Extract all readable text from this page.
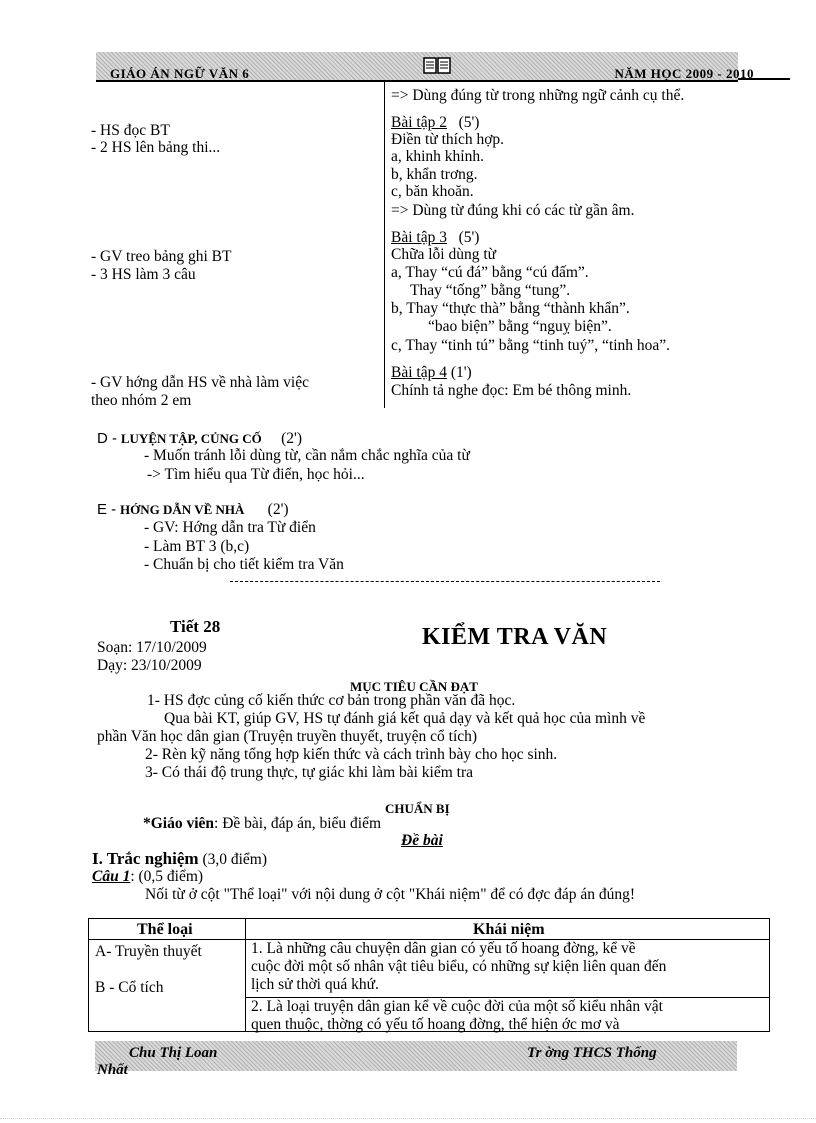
GIÁO ÁN NGỮ VĂN 6	NĂM HỌC 2009 - 2010
=> Dùng đúng từ trong những ngữ cảnh cụ thể.
- HS đọc BT
- 2 HS lên bảng thi...
Bài tập 2 (5')
Điền từ thích hợp.
a, khinh khỉnh.
b, khẩn trơng.
c, băn khoăn.
=> Dùng từ đúng khi có các từ gần âm.
- GV treo bảng ghi BT
- 3 HS làm 3 câu
Bài tập 3 (5')
Chữa lỗi dùng từ
a, Thay “cú đá” bằng “cú đấm”.
Thay “tống” bằng “tung”.
b, Thay “thực thà” bằng “thành khẩn”.
“bao biện” bằng “nguỵ biện”.
c, Thay “tinh tú” bằng “tinh tuý”, “tinh hoa”.
- GV hớng dẫn HS về nhà làm việc
theo nhóm 2 em
Bài tập 4 (1')
Chính tả nghe đọc: Em bé thông minh.
D - LUYỆN TẬP, CỦNG CỐ (2')
- Muốn tránh lỗi dùng từ, cần nắm chắc nghĩa của từ
-> Tìm hiểu qua Từ điển, học hỏi...
E - HỚNG DẪN VỀ NHÀ (2')
- GV: Hớng dẫn tra Từ điển
- Làm BT 3 (b,c)
- Chuẩn bị cho tiết kiểm tra Văn
Tiết 28
Soạn: 17/10/2009
Dạy: 23/10/2009
KIỂM TRA VĂN
MỤC TIÊU CẦN ĐẠT
1- HS đợc củng cố kiến thức cơ bản trong phần văn đã học.
Qua bài KT, giúp GV, HS tự đánh giá kết quả dạy và kết quả học của mình về
phần Văn học dân gian (Truyện truyền thuyết, truyện cổ tích)
2- Rèn kỹ năng tổng hợp kiến thức và cách trình bày cho học sinh.
3- Có thái độ trung thực, tự giác khi làm bài kiểm tra
CHUẨN BỊ
*Giáo viên: Đề bài, đáp án, biểu điểm
Đề bài
I. Trắc nghiệm (3,0 điểm)
Câu 1: (0,5 điểm)
Nối từ ở cột "Thể loại" với nội dung ở cột "Khái niệm" để có đợc đáp án đúng!
Thể loại	Khái niệm
A- Truyền thuyết
B - Cổ tích
1. Là những câu chuyện dân gian có yếu tố hoang đờng, kể về
cuộc đời một số nhân vật tiêu biểu, có những sự kiện liên quan đến
lịch sử thời quá khứ.
2. Là loại truyện dân gian kể về cuộc đời của một số kiểu nhân vật
quen thuộc, thờng có yếu tố hoang đờng, thể hiện ớc mơ và
Chu Thị Loan
Nhất
Tr ờng THCS Thống
